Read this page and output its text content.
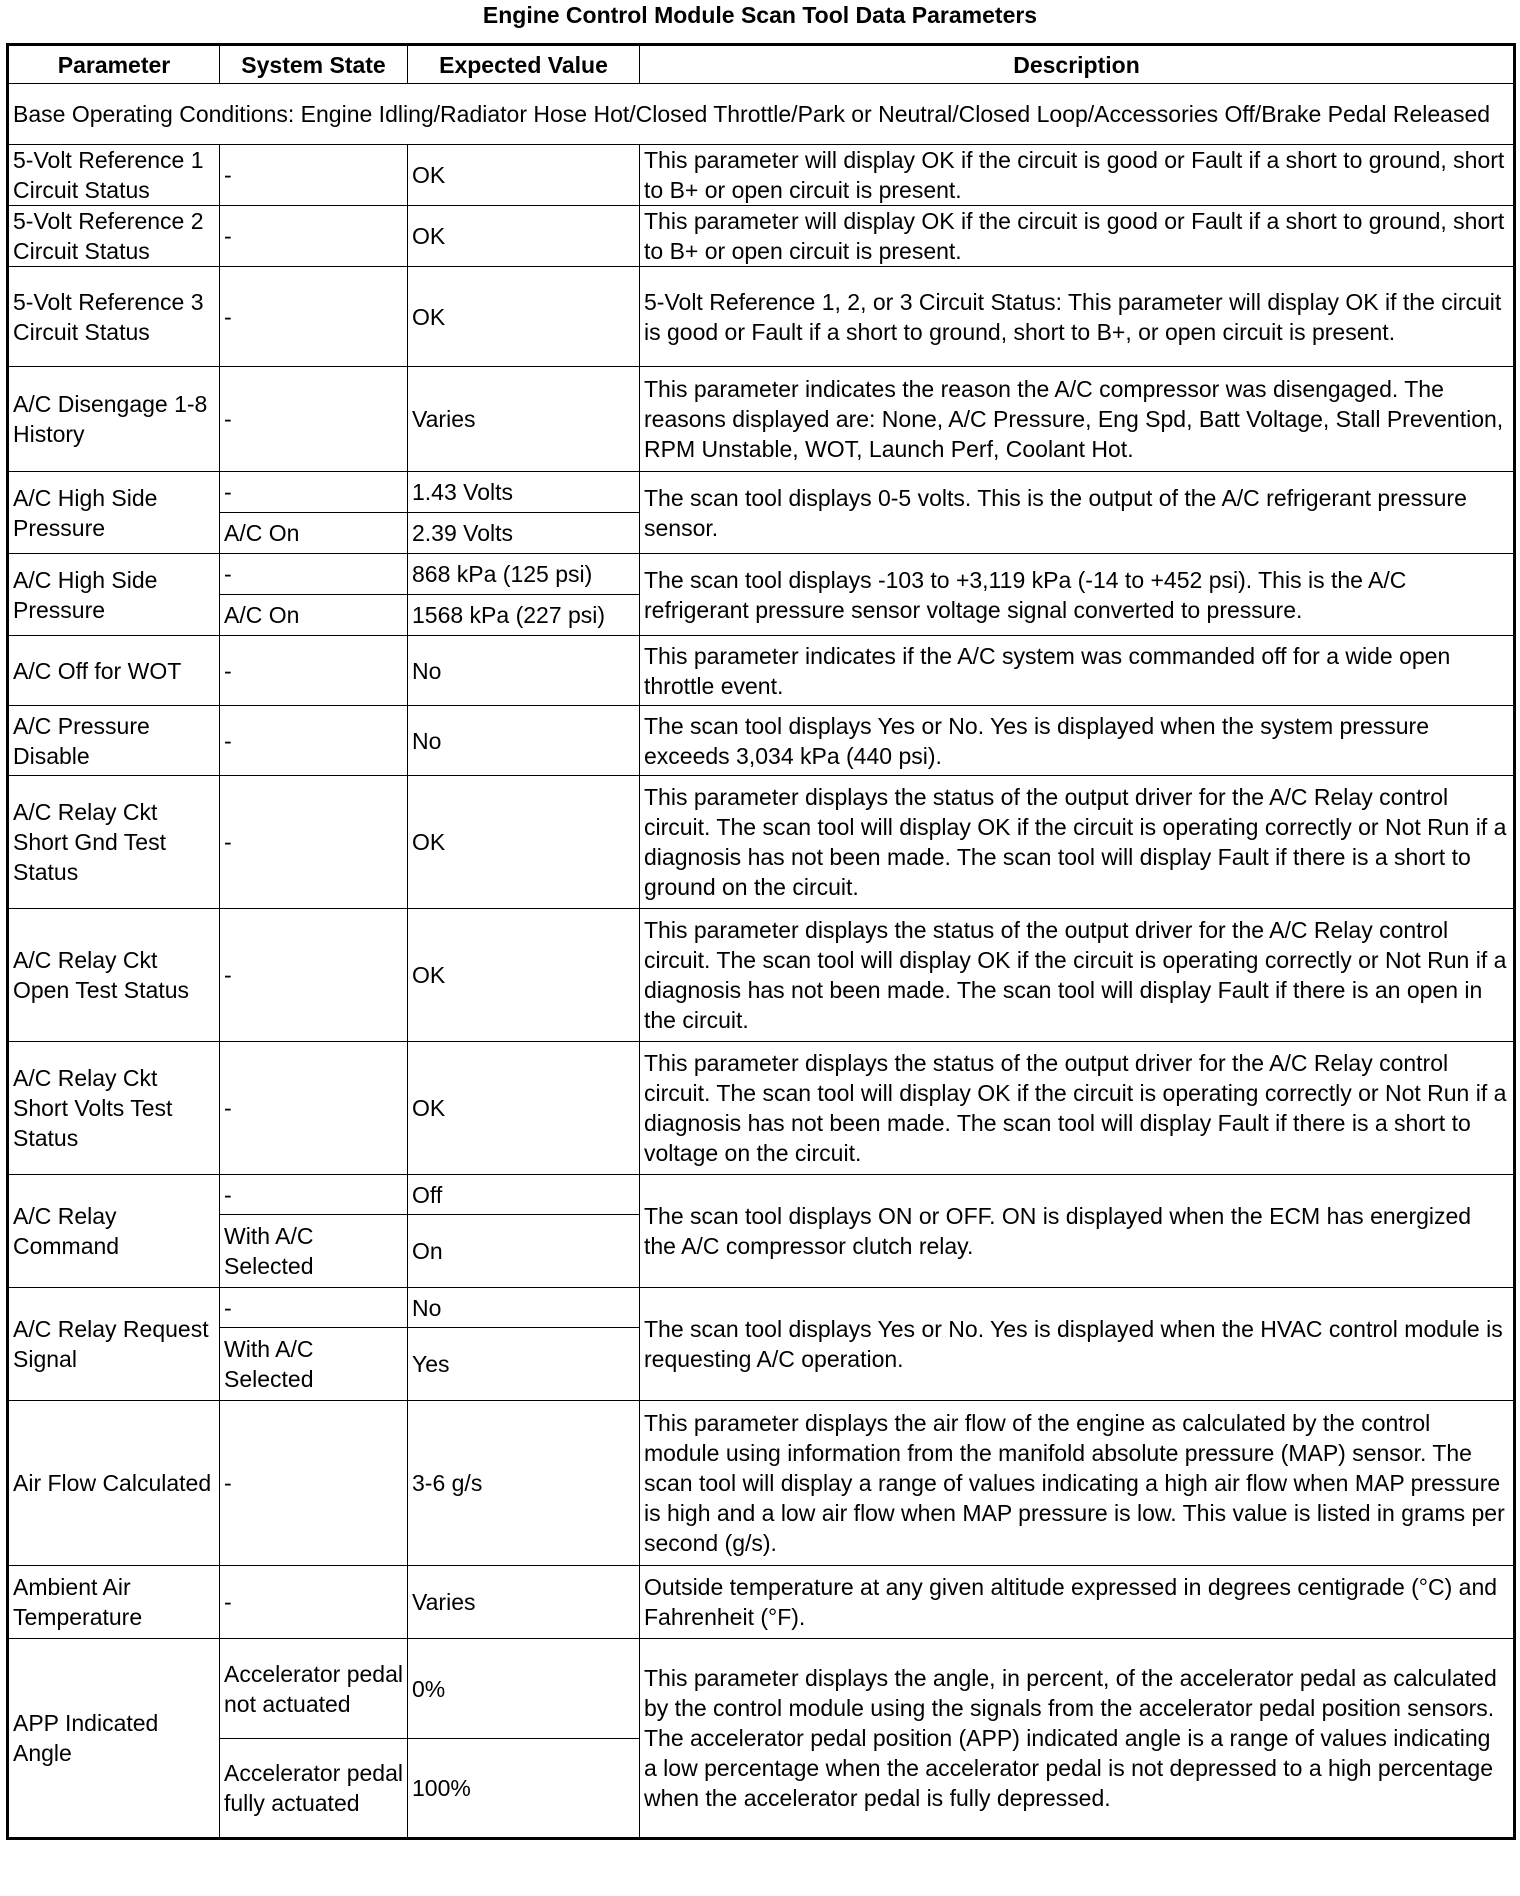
Engine Control Module Scan Tool Data Parameters
Parameter	System State	Expected Value	Description
Base Operating Conditions: Engine Idling/Radiator Hose Hot/Closed Throttle/Park or Neutral/Closed Loop/Accessories Off/Brake Pedal Released			
5-Volt Reference 1 Circuit Status	-	OK	This parameter will display OK if the circuit is good or Fault if a short to ground, short to B+ or open circuit is present.
5-Volt Reference 2 Circuit Status	-	OK	This parameter will display OK if the circuit is good or Fault if a short to ground, short to B+ or open circuit is present.
5-Volt Reference 3 Circuit Status	-	OK	5-Volt Reference 1, 2, or 3 Circuit Status: This parameter will display OK if the circuit is good or Fault if a short to ground, short to B+, or open circuit is present.
A/C Disengage 1-8 History	-	Varies	This parameter indicates the reason the A/C compressor was disengaged. The reasons displayed are: None, A/C Pressure, Eng Spd, Batt Voltage, Stall Prevention, RPM Unstable, WOT, Launch Perf, Coolant Hot.
A/C High Side Pressure	-	1.43 Volts	The scan tool displays 0-5 volts. This is the output of the A/C refrigerant pressure sensor.
	A/C On	2.39 Volts	
A/C High Side Pressure	-	868 kPa (125 psi)	The scan tool displays -103 to +3,119 kPa (-14 to +452 psi). This is the A/C refrigerant pressure sensor voltage signal converted to pressure.
	A/C On	1568 kPa (227 psi)	
A/C Off for WOT	-	No	This parameter indicates if the A/C system was commanded off for a wide open throttle event.
A/C Pressure Disable	-	No	The scan tool displays Yes or No. Yes is displayed when the system pressure exceeds 3,034 kPa (440 psi).
A/C Relay Ckt Short Gnd Test Status	-	OK	This parameter displays the status of the output driver for the A/C Relay control circuit. The scan tool will display OK if the circuit is operating correctly or Not Run if a diagnosis has not been made. The scan tool will display Fault if there is a short to ground on the circuit.
A/C Relay Ckt Open Test Status	-	OK	This parameter displays the status of the output driver for the A/C Relay control circuit. The scan tool will display OK if the circuit is operating correctly or Not Run if a diagnosis has not been made. The scan tool will display Fault if there is an open in the circuit.
A/C Relay Ckt Short Volts Test Status	-	OK	This parameter displays the status of the output driver for the A/C Relay control circuit. The scan tool will display OK if the circuit is operating correctly or Not Run if a diagnosis has not been made. The scan tool will display Fault if there is a short to voltage on the circuit.
A/C Relay Command	-	Off	The scan tool displays ON or OFF. ON is displayed when the ECM has energized the A/C compressor clutch relay.
	With A/C Selected	On	
A/C Relay Request Signal	-	No	The scan tool displays Yes or No. Yes is displayed when the HVAC control module is requesting A/C operation.
	With A/C Selected	Yes	
Air Flow Calculated	-	3-6 g/s	This parameter displays the air flow of the engine as calculated by the control module using information from the manifold absolute pressure (MAP) sensor. The scan tool will display a range of values indicating a high air flow when MAP pressure is high and a low air flow when MAP pressure is low. This value is listed in grams per second (g/s).
Ambient Air Temperature	-	Varies	Outside temperature at any given altitude expressed in degrees centigrade (°C) and Fahrenheit (°F).
APP Indicated Angle	Accelerator pedal not actuated	0%	This parameter displays the angle, in percent, of the accelerator pedal as calculated by the control module using the signals from the accelerator pedal position sensors. The accelerator pedal position (APP) indicated angle is a range of values indicating a low percentage when the accelerator pedal is not depressed to a high percentage when the accelerator pedal is fully depressed.
	Accelerator pedal fully actuated	100%	
